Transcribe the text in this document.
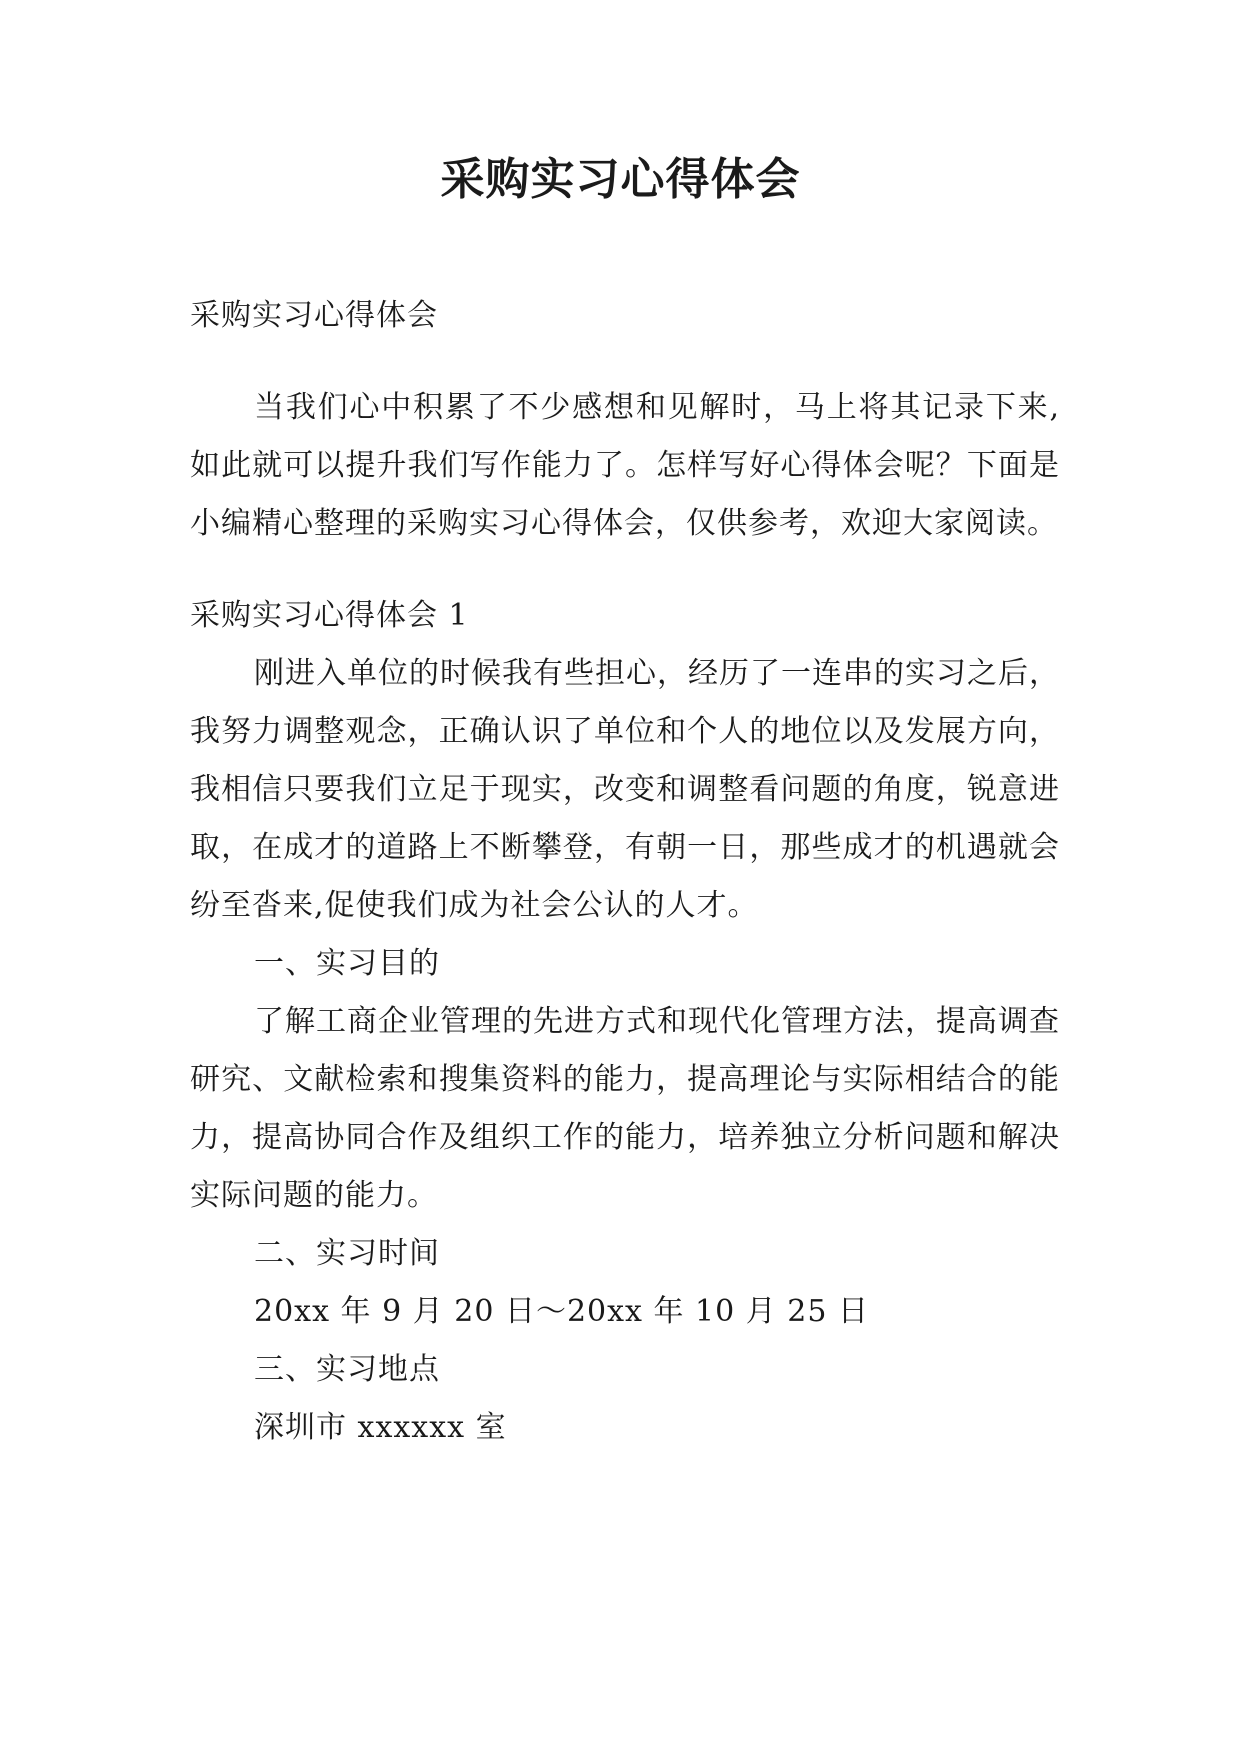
采购实习心得体会

采购实习心得体会

当我们心中积累了不少感想和见解时，马上将其记录下来,如此就可以提升我们写作能力了。怎样写好心得体会呢？下面是小编精心整理的采购实习心得体会，仅供参考，欢迎大家阅读。

采购实习心得体会 1

刚进入单位的时候我有些担心，经历了一连串的实习之后，我努力调整观念，正确认识了单位和个人的地位以及发展方向，我相信只要我们立足于现实，改变和调整看问题的角度，锐意进取，在成才的道路上不断攀登，有朝一日，那些成才的机遇就会纷至沓来,促使我们成为社会公认的人才。

一、实习目的

了解工商企业管理的先进方式和现代化管理方法，提高调查研究、文献检索和搜集资料的能力，提高理论与实际相结合的能力，提高协同合作及组织工作的能力，培养独立分析问题和解决实际问题的能力。

二、实习时间

20xx 年 9 月 20 日～20xx 年 10 月 25 日

三、实习地点

深圳市 xxxxxx 室
